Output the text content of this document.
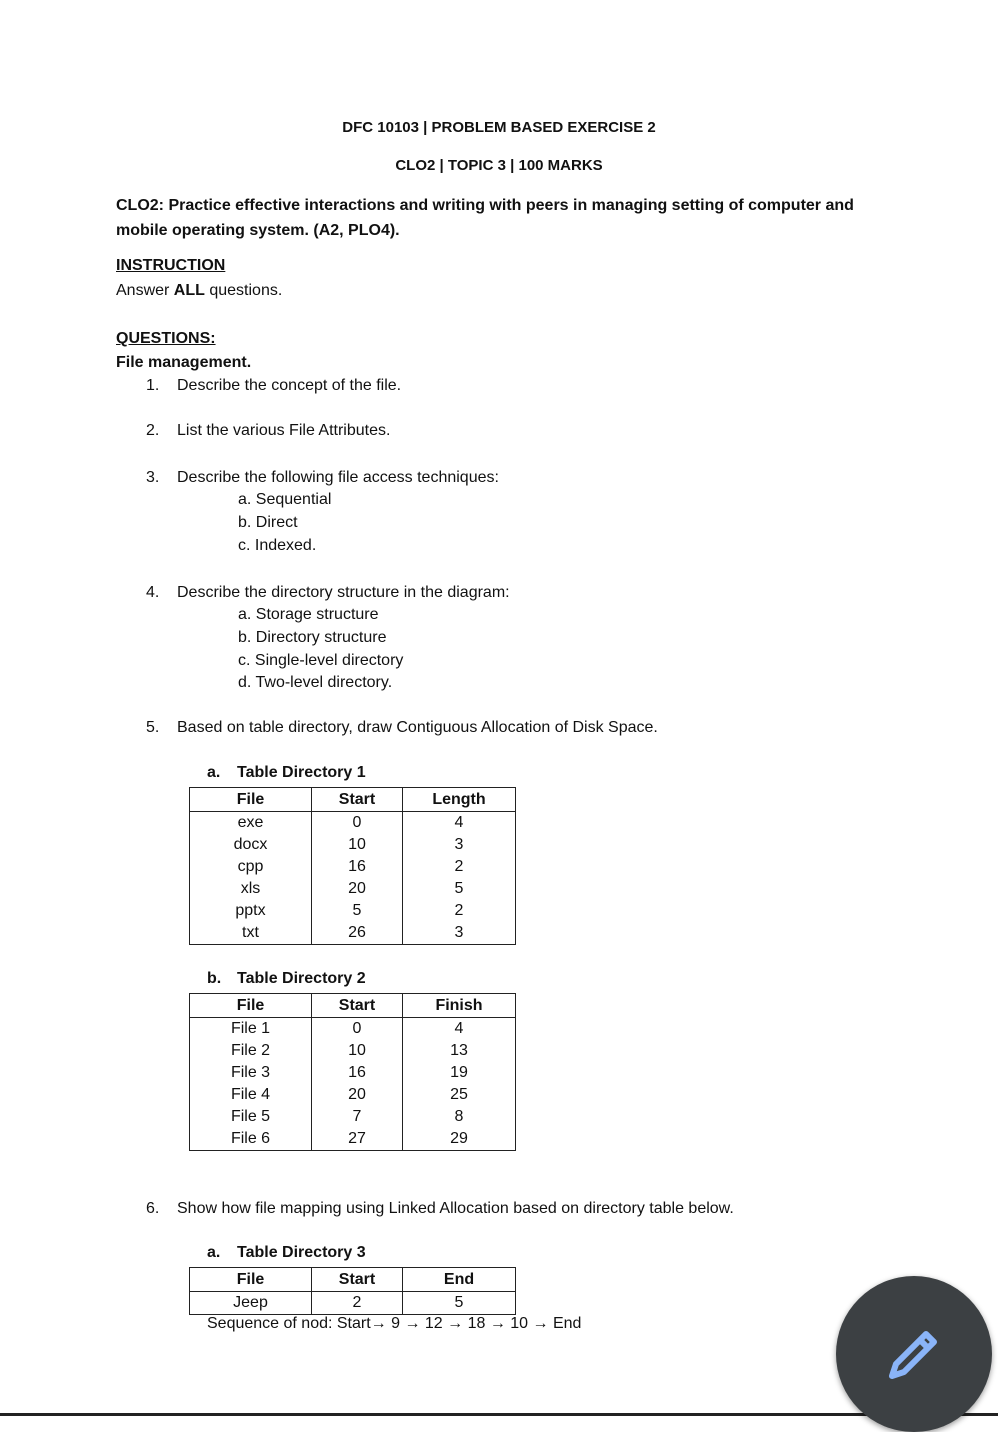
DFC 10103 | PROBLEM BASED EXERCISE 2
CLO2 | TOPIC 3 | 100 MARKS
CLO2: Practice effective interactions and writing with peers in managing setting of computer and
mobile operating system. (A2, PLO4).
INSTRUCTION
Answer ALL questions.
QUESTIONS:
File management.
1. Describe the concept of the file.
2. List the various File Attributes.
3. Describe the following file access techniques:
a. Sequential
b. Direct
c. Indexed.
4. Describe the directory structure in the diagram:
a. Storage structure
b. Directory structure
c. Single-level directory
d. Two-level directory.
5. Based on table directory, draw Contiguous Allocation of Disk Space.
a. Table Directory 1
File	Start	Length
exe	0	4
docx	10	3
cpp	16	2
xls	20	5
pptx	5	2
txt	26	3
b. Table Directory 2
File	Start	Finish
File 1	0	4
File 2	10	13
File 3	16	19
File 4	20	25
File 5	7	8
File 6	27	29
6. Show how file mapping using Linked Allocation based on directory table below.
a. Table Directory 3
File	Start	End
Jeep	2	5
Sequence of nod: Start→ 9 → 12 → 18 → 10 → End
